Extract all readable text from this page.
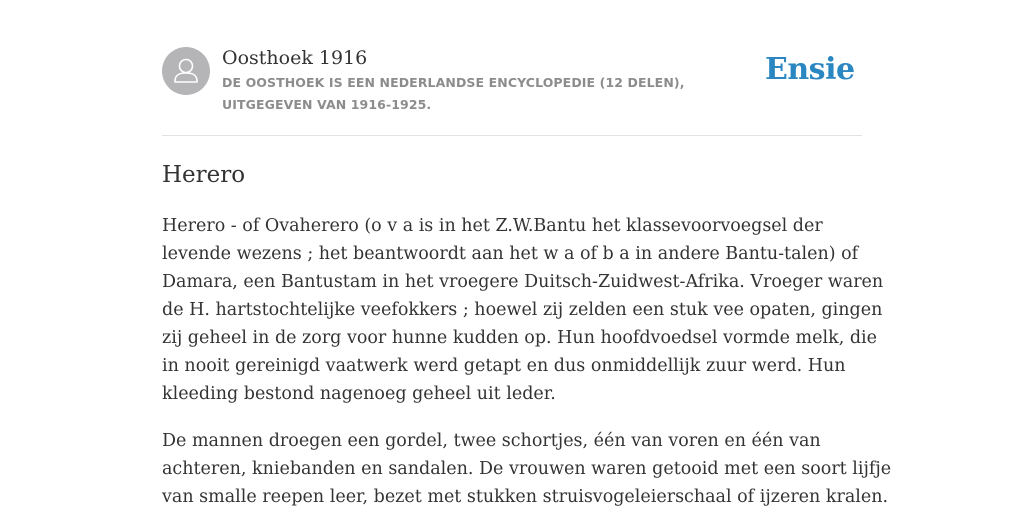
Oosthoek 1916
DE OOSTHOEK IS EEN NEDERLANDSE ENCYCLOPEDIE (12 DELEN), UITGEGEVEN VAN 1916-1925.
Ensie
Herero

Herero - of Ovaherero (o v a is in het Z.W.Bantu het klassevoorvoegsel der
levende wezens ; het beantwoordt aan het w a of b a in andere Bantu-talen) of
Damara, een Bantustam in het vroegere Duitsch-Zuidwest-Afrika. Vroeger waren
de H. hartstochtelijke veefokkers ; hoewel zij zelden een stuk vee opaten, gingen
zij geheel in de zorg voor hunne kudden op. Hun hoofdvoedsel vormde melk, die
in nooit gereinigd vaatwerk werd getapt en dus onmiddellijk zuur werd. Hun
kleeding bestond nagenoeg geheel uit leder.

De mannen droegen een gordel, twee schortjes, één van voren en één van
achteren, kniebanden en sandalen. De vrouwen waren getooid met een soort lijfje
van smalle reepen leer, bezet met stukken struisvogeleierschaal of ijzeren kralen.
